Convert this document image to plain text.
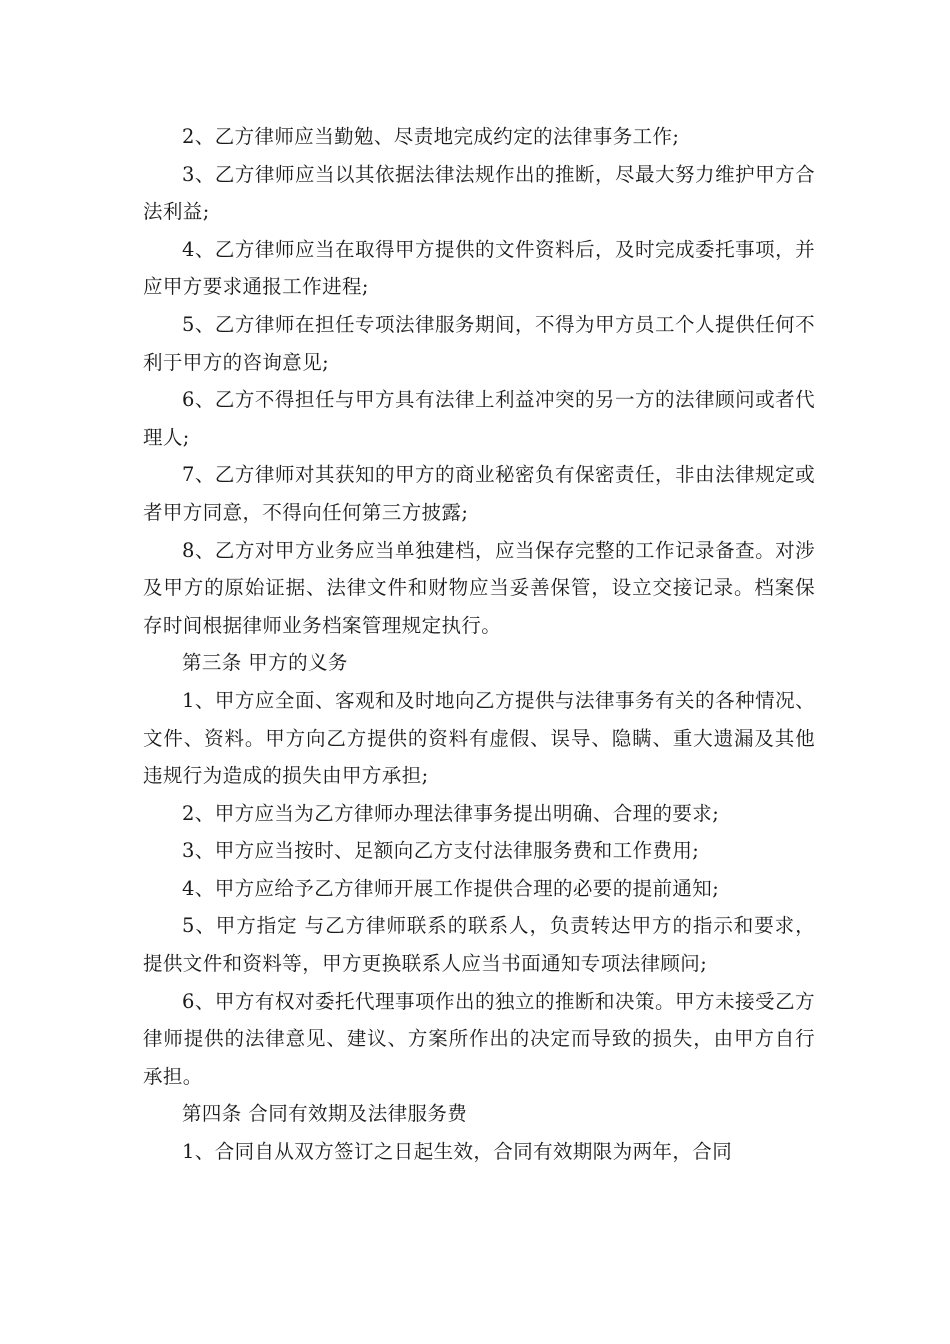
2、乙方律师应当勤勉、尽责地完成约定的法律事务工作;

3、乙方律师应当以其依据法律法规作出的推断，尽最大努力维护甲方合法利益;

4、乙方律师应当在取得甲方提供的文件资料后，及时完成委托事项，并应甲方要求通报工作进程;

5、乙方律师在担任专项法律服务期间，不得为甲方员工个人提供任何不利于甲方的咨询意见;

6、乙方不得担任与甲方具有法律上利益冲突的另一方的法律顾问或者代理人;

7、乙方律师对其获知的甲方的商业秘密负有保密责任，非由法律规定或者甲方同意，不得向任何第三方披露;

8、乙方对甲方业务应当单独建档，应当保存完整的工作记录备查。对涉及甲方的原始证据、法律文件和财物应当妥善保管，设立交接记录。档案保存时间根据律师业务档案管理规定执行。

第三条 甲方的义务

1、甲方应全面、客观和及时地向乙方提供与法律事务有关的各种情况、文件、资料。甲方向乙方提供的资料有虚假、误导、隐瞒、重大遗漏及其他违规行为造成的损失由甲方承担;

2、甲方应当为乙方律师办理法律事务提出明确、合理的要求;

3、甲方应当按时、足额向乙方支付法律服务费和工作费用;

4、甲方应给予乙方律师开展工作提供合理的必要的提前通知;

5、甲方指定 与乙方律师联系的联系人，负责转达甲方的指示和要求，提供文件和资料等，甲方更换联系人应当书面通知专项法律顾问;

6、甲方有权对委托代理事项作出的独立的推断和决策。甲方未接受乙方律师提供的法律意见、建议、方案所作出的决定而导致的损失，由甲方自行承担。

第四条 合同有效期及法律服务费

1、合同自从双方签订之日起生效，合同有效期限为两年，合同
